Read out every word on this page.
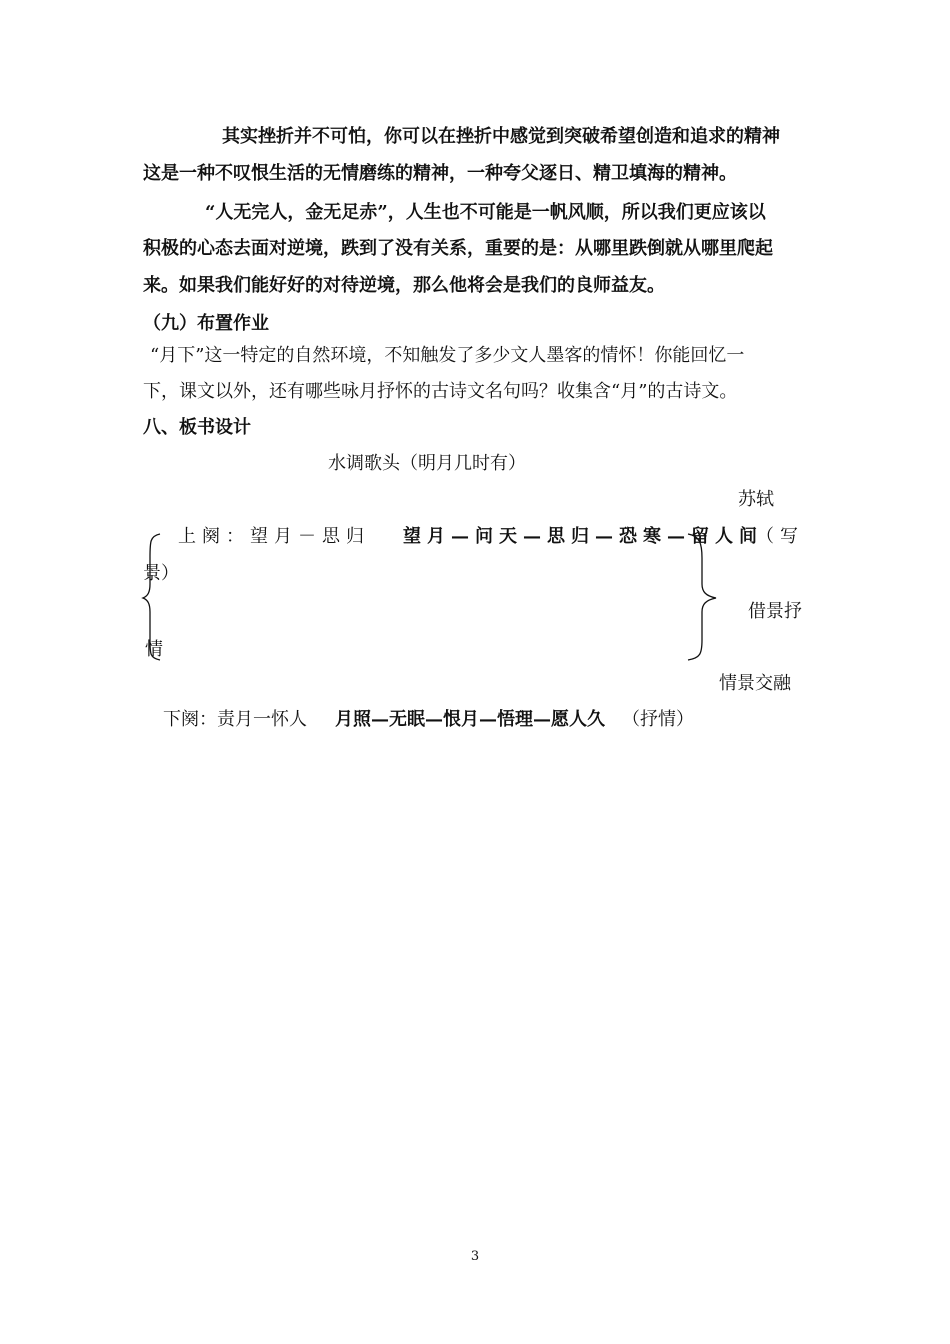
其实挫折并不可怕，你可以在挫折中感觉到突破希望创造和追求的精神
这是一种不叹恨生活的无情磨练的精神，一种夸父逐日、精卫填海的精神。
“人无完人，金无足赤”，人生也不可能是一帆风顺，所以我们更应该以
积极的心态去面对逆境，跌到了没有关系，重要的是：从哪里跌倒就从哪里爬起
来。如果我们能好好的对待逆境，那么他将会是我们的良师益友。
（九）布置作业
“月下”这一特定的自然环境，不知触发了多少文人墨客的情怀！你能回忆一
下，课文以外，还有哪些咏月抒怀的古诗文名句吗？收集含“月”的古诗文。
八、板书设计
水调歌头（明月几时有）
苏轼
上阕：望月－思归 望月—问天—思归—恐寒—留人间
（写
景）
借景抒
情
情景交融
下阕：责月一怀人 月照—无眠—恨月—悟理—愿人久 （抒情）
3
